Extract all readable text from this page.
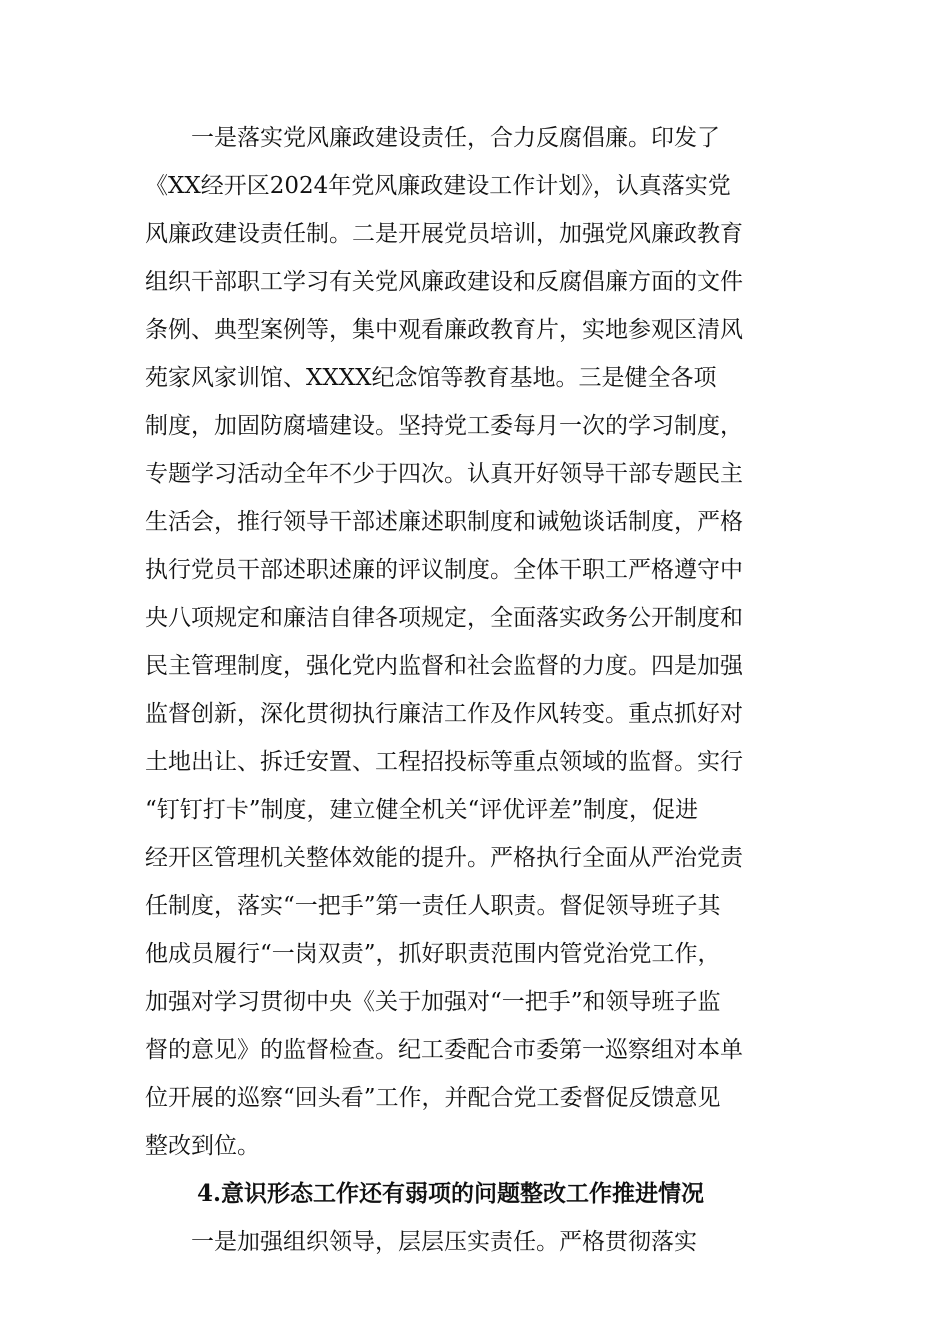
一是落实党风廉政建设责任，合力反腐倡廉。印发了
《XX经开区2024年党风廉政建设工作计划》，认真落实党
风廉政建设责任制。二是开展党员培训，加强党风廉政教育
组织干部职工学习有关党风廉政建设和反腐倡廉方面的文件
条例、典型案例等，集中观看廉政教育片，实地参观区清风
苑家风家训馆、XXXX纪念馆等教育基地。三是健全各项
制度，加固防腐墙建设。坚持党工委每月一次的学习制度，
专题学习活动全年不少于四次。认真开好领导干部专题民主
生活会，推行领导干部述廉述职制度和诫勉谈话制度，严格
执行党员干部述职述廉的评议制度。全体干职工严格遵守中
央八项规定和廉洁自律各项规定，全面落实政务公开制度和
民主管理制度，强化党内监督和社会监督的力度。四是加强
监督创新，深化贯彻执行廉洁工作及作风转变。重点抓好对
土地出让、拆迁安置、工程招投标等重点领域的监督。实行
“钉钉打卡”制度，建立健全机关“评优评差”制度，促进
经开区管理机关整体效能的提升。严格执行全面从严治党责
任制度，落实“一把手”第一责任人职责。督促领导班子其
他成员履行“一岗双责”，抓好职责范围内管党治党工作，
加强对学习贯彻中央《关于加强对“一把手”和领导班子监
督的意见》的监督检查。纪工委配合市委第一巡察组对本单
位开展的巡察“回头看”工作，并配合党工委督促反馈意见
整改到位。
4.意识形态工作还有弱项的问题整改工作推进情况
一是加强组织领导，层层压实责任。严格贯彻落实
